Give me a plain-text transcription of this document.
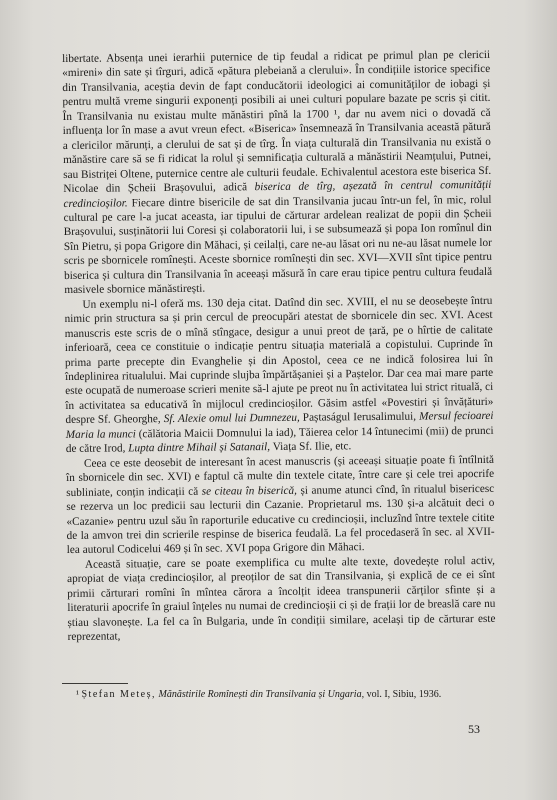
libertate. Absența unei ierarhii puternice de tip feudal a ridicat pe primul plan pe clericii «mireni» din sate și tîrguri, adică «pătura plebeiană a clerului». În condițiile istorice specifice din Transilvania, aceștia devin de fapt conducătorii ideologici ai comunităților de iobagi și pentru multă vreme singurii exponenți posibili ai unei culturi populare bazate pe scris și citit. În Transilvania nu existau multe mănăstiri pînă la 1700 ¹, dar nu avem nici o dovadă că influența lor în mase a avut vreun efect. «Biserica» însemnează în Transilvania această pătură a clericilor mărunți, a clerului de sat și de tîrg. În viața culturală din Transilvania nu există o mănăstire care să se fi ridicat la rolul și semnificația culturală a mănăstirii Neamțului, Putnei, sau Bistriței Oltene, puternice centre ale culturii feudale. Echivalentul acestora este biserica Sf. Nicolae din Șcheii Brașovului, adică biserica de tîrg, așezată în centrul comunității credincioșilor. Fiecare dintre bisericile de sat din Transilvania jucau într-un fel, în mic, rolul cultural pe care l-a jucat aceasta, iar tipului de cărturar ardelean realizat de popii din Șcheii Brașovului, susținătorii lui Coresi și colaboratorii lui, i se subsumează și popa Ion romînul din Sîn Pietru, și popa Grigore din Măhaci, și ceilalți, care ne-au lăsat ori nu ne-au lăsat numele lor scris pe sbornicele romînești. Aceste sbornice romînești din sec. XVI—XVII sînt tipice pentru biserica și cultura din Transilvania în aceeași măsură în care erau tipice pentru cultura feudală masivele sbornice mănăstirești.

Un exemplu ni-l oferă ms. 130 deja citat. Datînd din sec. XVIII, el nu se deosebește întru nimic prin structura sa și prin cercul de preocupări atestat de sbornicele din sec. XVI. Acest manuscris este scris de o mînă stîngace, desigur a unui preot de țară, pe o hîrtie de calitate inferioară, ceea ce constituie o indicație pentru situația materială a copistului. Cuprinde în prima parte precepte din Evanghelie și din Apostol, ceea ce ne indică folosirea lui în îndeplinirea ritualului. Mai cuprinde slujba împărtășaniei și a Paștelor. Dar cea mai mare parte este ocupată de numeroase scrieri menite să-l ajute pe preot nu în activitatea lui strict rituală, ci în activitatea sa educativă în mijlocul credincioșilor. Găsim astfel «Povestiri și învățături» despre Sf. Gheorghe, Sf. Alexie omul lui Dumnezeu, Paștaságul Ierusalimului, Mersul fecioarei Maria la munci (călătoria Maicii Domnului la iad), Tăierea celor 14 întunecimi (mii) de prunci de către Irod, Lupta dintre Mihail și Satanail, Viața Sf. Ilie, etc.

Ceea ce este deosebit de interesant în acest manuscris (și aceeași situație poate fi întîlnită în sbornicele din sec. XVI) e faptul că multe din textele citate, între care și cele trei apocrife subliniate, conțin indicații că se citeau în biserică, și anume atunci cînd, în ritualul bisericesc se rezerva un loc predicii sau lecturii din Cazanie. Proprietarul ms. 130 și-a alcătuit deci o «Cazanie» pentru uzul său în raporturile educative cu credincioșii, incluzînd între textele citite de la amvon trei din scrierile respinse de biserica feudală. La fel procedaseră în sec. al XVII-lea autorul Codicelui 469 și în sec. XVI popa Grigore din Măhaci.

Această situație, care se poate exemplifica cu multe alte texte, dovedește rolul activ, apropiat de viața credincioșilor, al preoților de sat din Transilvania, și explică de ce ei sînt primii cărturari romîni în mîntea cărora a încolțit ideea transpunerii cărților sfinte și a literaturii apocrife în graiul înțeles nu numai de credincioșii ci și de frații lor de breaslă care nu știau slavonește. La fel ca în Bulgaria, unde în condiții similare, același tip de cărturar este reprezentat,

¹ Ștefan Meteș, Mănăstirile Romînești din Transilvania și Ungaria, vol. I, Sibiu, 1936.

53
